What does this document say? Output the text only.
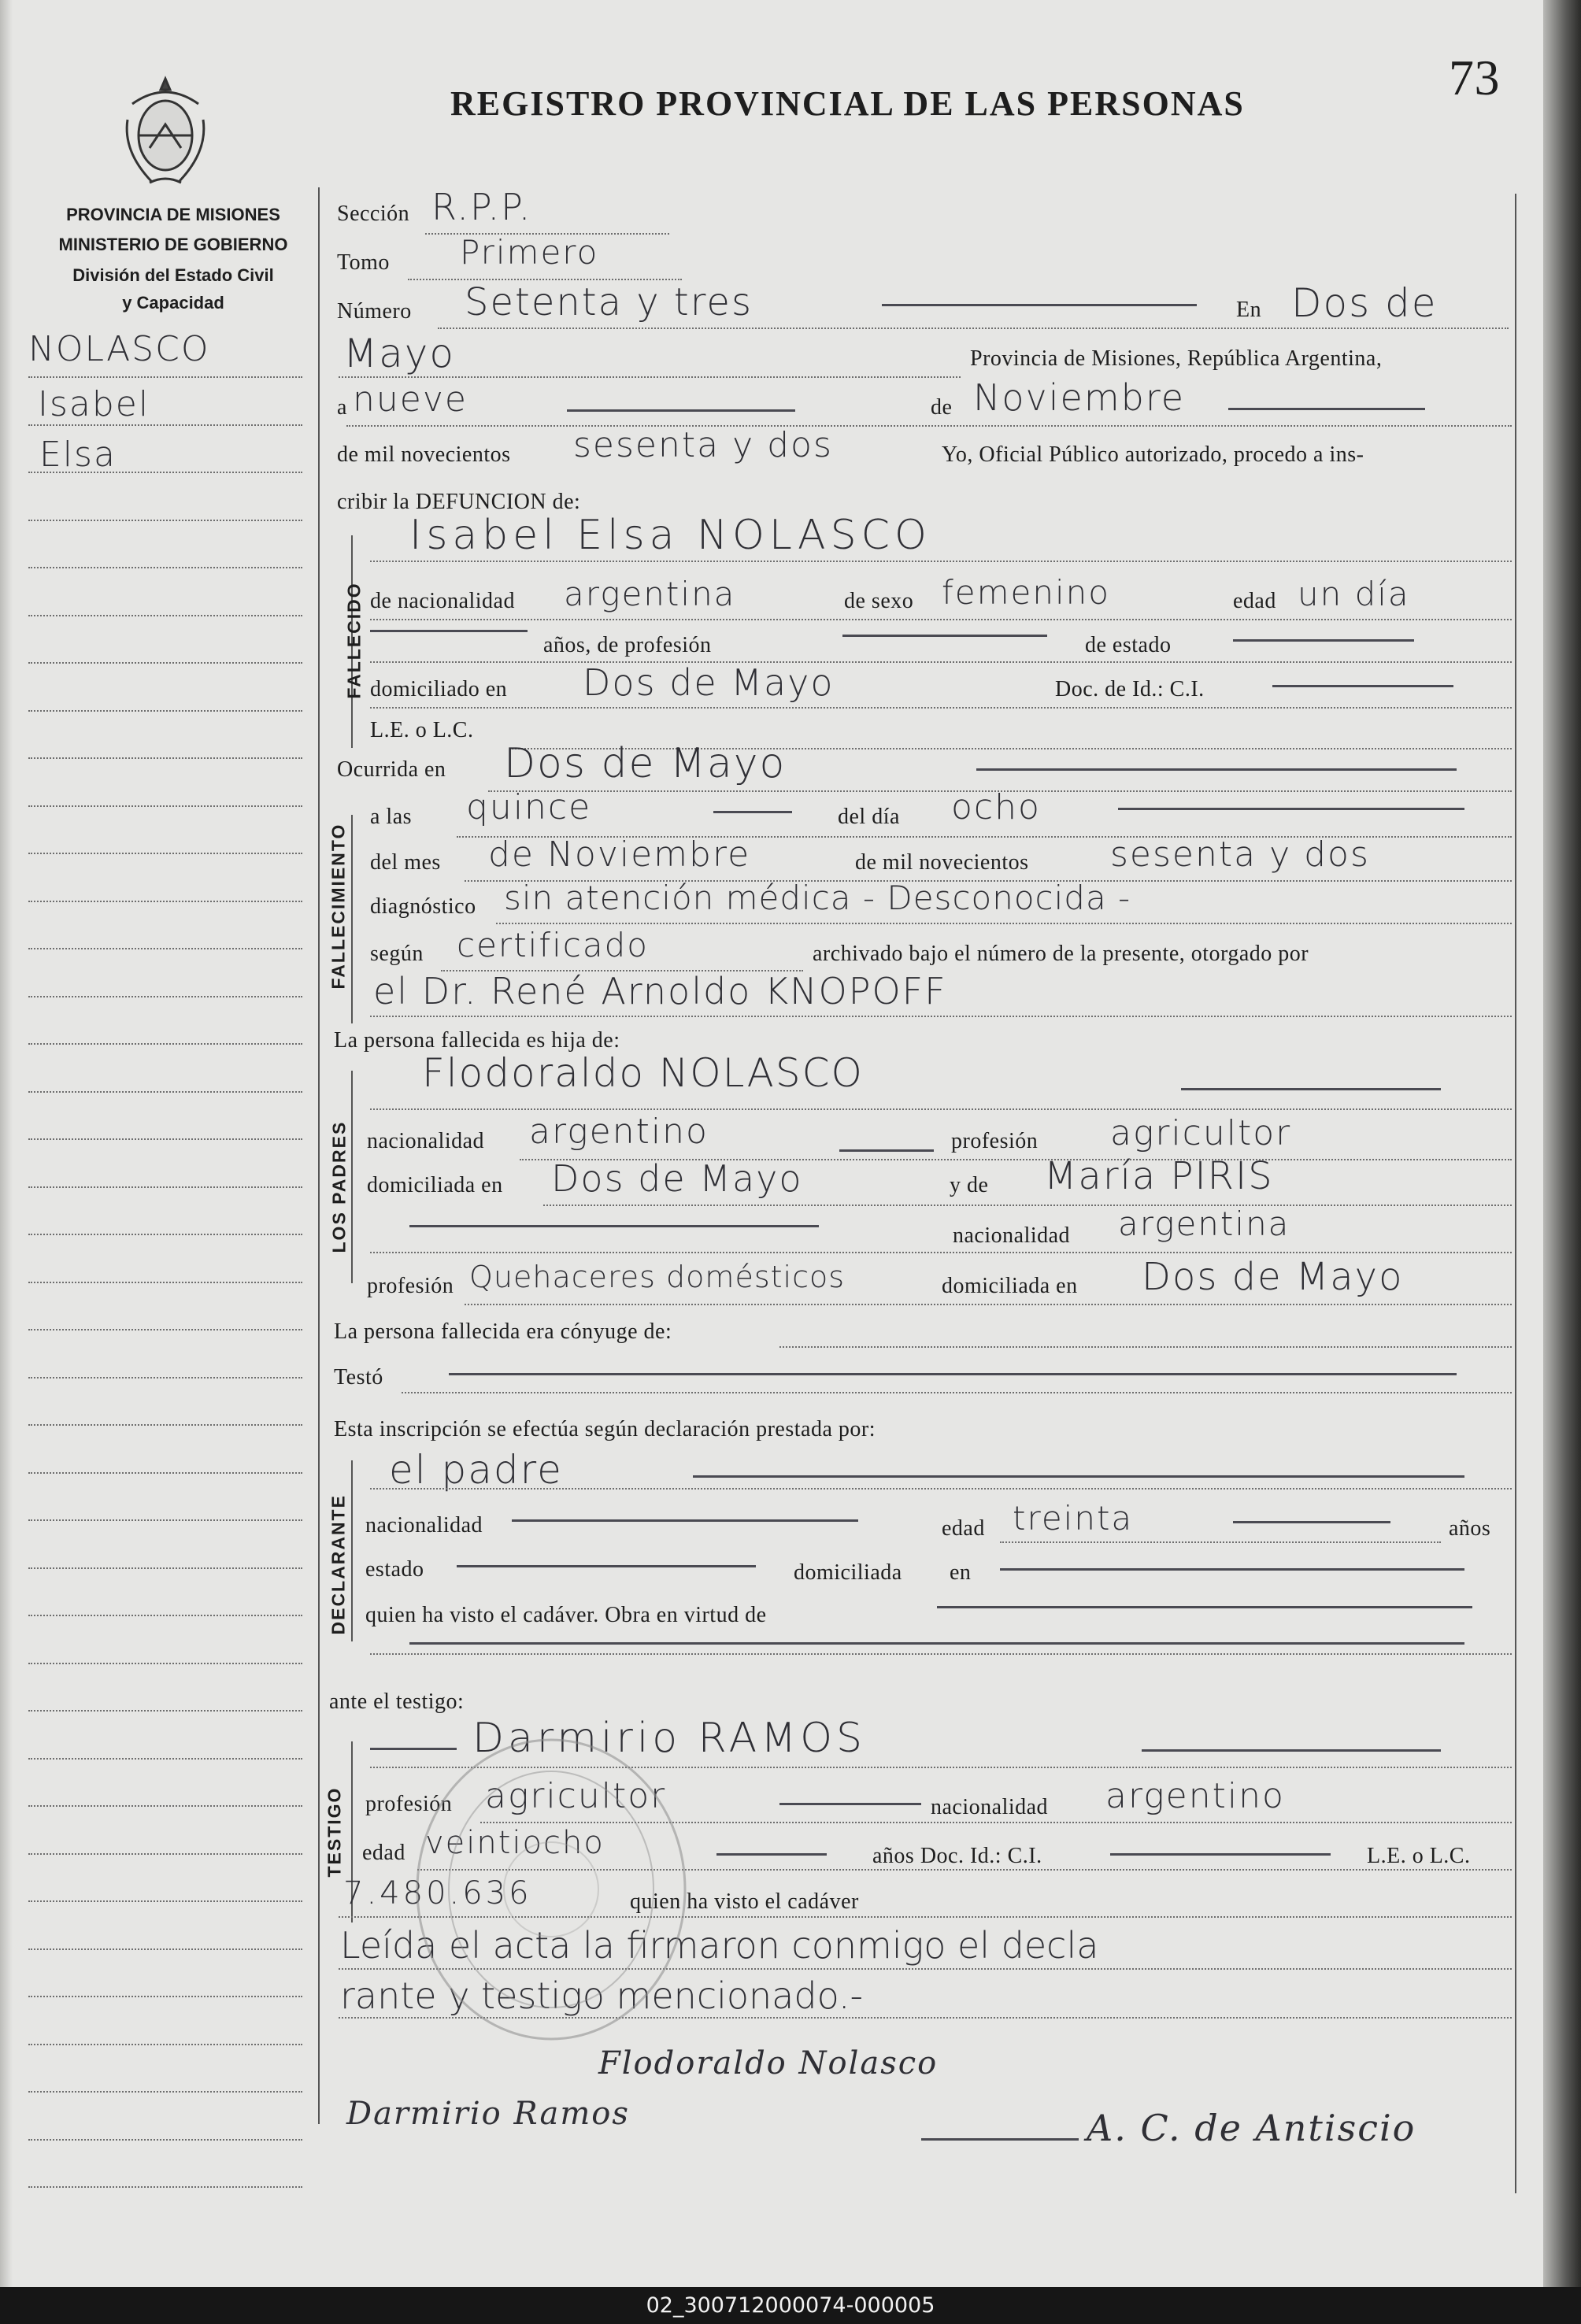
PROVINCIA DE MISIONES
MINISTERIO DE GOBIERNO
División del Estado Civil
y Capacidad
REGISTRO PROVINCIAL DE LAS PERSONAS	73
NOLASCO
Isabel
Elsa
FALLECIDO
FALLECIMIENTO
LOS PADRES
DECLARANTE
TESTIGO
Sección R.P.P.
Tomo Primero
Número Setenta y tres	En Dos de
Mayo	Provincia de Misiones, República Argentina,
a nueve	de Noviembre
de mil novecientos sesenta y dos	Yo, Oficial Público autorizado, procedo a ins-
cribir la DEFUNCION de:
Isabel Elsa NOLASCO
de nacionalidad argentina	de sexo femenino	edad un día
años, de profesión	de estado
domiciliado en Dos de Mayo	Doc. de Id.: C.I.
L.E. o L.C.
Ocurrida en Dos de Mayo
a las quince	del día ocho
del mes de Noviembre	de mil novecientos sesenta y dos
diagnóstico sin atención médica - Desconocida -
según certificado	archivado bajo el número de la presente, otorgado por
el Dr. René Arnoldo KNOPOFF
La persona fallecida es hija de:
Flodoraldo NOLASCO
nacionalidad argentino	profesión agricultor
domiciliada en Dos de Mayo	y de María PIRIS
nacionalidad argentina
profesión Quehaceres domésticos	domiciliada en Dos de Mayo
La persona fallecida era cónyuge de:
Testó
Esta inscripción se efectúa según declaración prestada por:
el padre
nacionalidad	edad treinta	años
estado	domiciliada en
quien ha visto el cadáver. Obra en virtud de
ante el testigo:
Darmirio RAMOS
profesión agricultor	nacionalidad argentino
edad veintiocho	años Doc. Id.: C.I.	L.E. o L.C.
7.480.636	quien ha visto el cadáver
Leída el acta la firmaron conmigo el decla
rante y testigo mencionado.-
Flodoraldo Nolasco
Darmirio Ramos	A. C. de Antiscio
02_300712000074-000005
